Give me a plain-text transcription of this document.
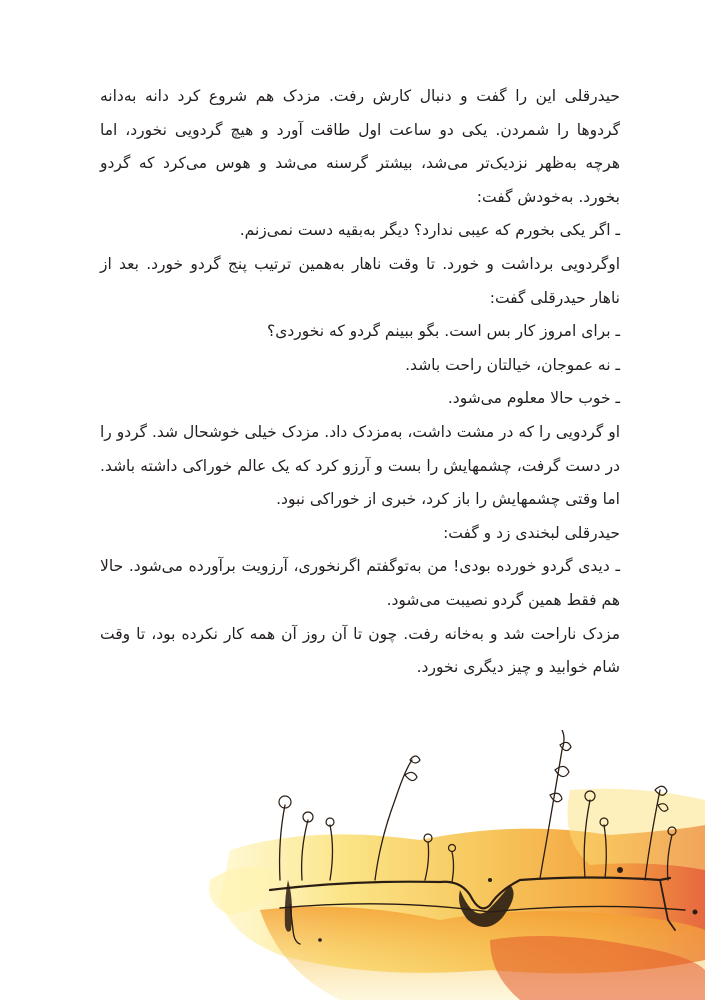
حیدرقلی این را گفت و دنبال کارش رفت. مزدک هم شروع کرد دانه به‌دانه گردوها را شمردن. یکی دو ساعت اول طاقت آورد و هیچ گردویی نخورد، اما هرچه به‌ظهر نزدیک‌تر می‌شد، بیشتر گرسنه می‌شد و هوس می‌کرد که گردو بخورد. به‌خودش گفت:

ـ اگر یکی بخورم که عیبی ندارد؟ دیگر به‌بقیه دست نمی‌زنم.

اوگردویی برداشت و خورد. تا وقت ناهار به‌همین ترتیب پنج گردو خورد. بعد از ناهار حیدرقلی گفت:

ـ برای امروز کار بس است. بگو ببینم گردو که نخوردی؟

ـ نه عموجان، خیالتان راحت باشد.

ـ خوب حالا معلوم می‌شود.

او گردویی را که در مشت داشت، به‌مزدک داد. مزدک خیلی خوشحال شد. گردو را در دست گرفت، چشمهایش را بست و آرزو کرد که یک عالم خوراکی داشته باشد. اما وقتی چشمهایش را باز کرد، خبری از خوراکی نبود.

حیدرقلی لبخندی زد و گفت:

ـ دیدی گردو خورده بودی! من به‌توگفتم اگرنخوری، آرزویت برآورده می‌شود. حالا هم فقط همین گردو نصیبت می‌شود.

مزدک ناراحت شد و به‌خانه رفت. چون تا آن روز آن همه کار نکرده بود، تا وقت شام خوابید و چیز دیگری نخورد.
